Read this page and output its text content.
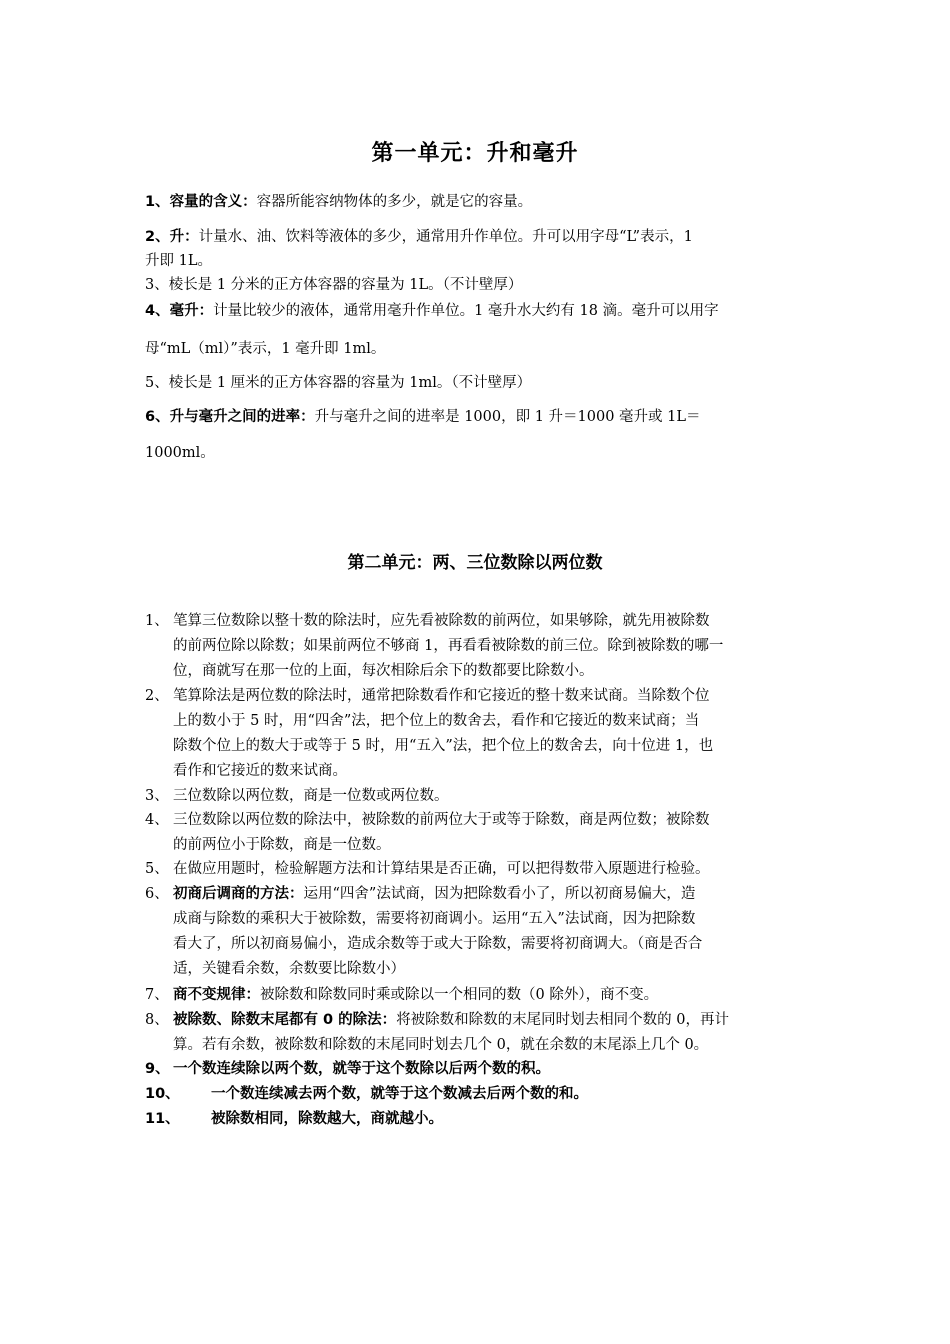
第一单元：升和毫升

1、容量的含义：容器所能容纳物体的多少，就是它的容量。

2、升：计量水、油、饮料等液体的多少，通常用升作单位。升可以用字母“L”表示，1

升即 1L。

3、棱长是 1 分米的正方体容器的容量为 1L。（不计壁厚）

4、毫升：计量比较少的液体，通常用毫升作单位。1 毫升水大约有 18 滴。毫升可以用字

母“mL（ml）”表示，1 毫升即 1ml。

5、棱长是 1 厘米的正方体容器的容量为 1ml。（不计壁厚）

6、升与毫升之间的进率：升与毫升之间的进率是 1000，即 1 升＝1000 毫升或 1L＝

1000ml。

第二单元：两、三位数除以两位数
1、 笔算三位数除以整十数的除法时，应先看被除数的前两位，如果够除，就先用被除数
的前两位除以除数；如果前两位不够商 1，再看看被除数的前三位。除到被除数的哪一
位，商就写在那一位的上面，每次相除后余下的数都要比除数小。
2、 笔算除法是两位数的除法时，通常把除数看作和它接近的整十数来试商。当除数个位
上的数小于 5 时，用“四舍”法，把个位上的数舍去，看作和它接近的数来试商；当
除数个位上的数大于或等于 5 时，用“五入”法，把个位上的数舍去，向十位进 1，也
看作和它接近的数来试商。
3、 三位数除以两位数，商是一位数或两位数。
4、 三位数除以两位数的除法中，被除数的前两位大于或等于除数，商是两位数；被除数
的前两位小于除数，商是一位数。
5、 在做应用题时，检验解题方法和计算结果是否正确，可以把得数带入原题进行检验。
6、 初商后调商的方法：运用“四舍”法试商，因为把除数看小了，所以初商易偏大，造
成商与除数的乘积大于被除数，需要将初商调小。运用“五入”法试商，因为把除数
看大了，所以初商易偏小，造成余数等于或大于除数，需要将初商调大。（商是否合
适，关键看余数，余数要比除数小）
7、 商不变规律：被除数和除数同时乘或除以一个相同的数（0 除外），商不变。
8、 被除数、除数末尾都有 0 的除法：将被除数和除数的末尾同时划去相同个数的 0，再计
算。若有余数，被除数和除数的末尾同时划去几个 0，就在余数的末尾添上几个 0。
9、 一个数连续除以两个数，就等于这个数除以后两个数的积。
10、 一个数连续减去两个数，就等于这个数减去后两个数的和。
11、 被除数相同，除数越大，商就越小。
